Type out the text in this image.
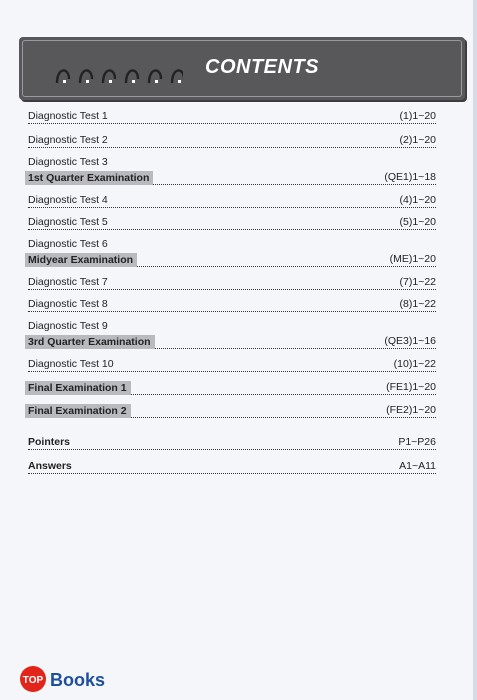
CONTENTS
Diagnostic Test 1	(1)1~20
Diagnostic Test 2	(2)1~20
Diagnostic Test 3
1st Quarter Examination	(QE1)1~18
Diagnostic Test 4	(4)1~20
Diagnostic Test 5	(5)1~20
Diagnostic Test 6
Midyear Examination	(ME)1~20
Diagnostic Test 7	(7)1~22
Diagnostic Test 8	(8)1~22
Diagnostic Test 9
3rd Quarter Examination	(QE3)1~16
Diagnostic Test 10	(10)1~22
Final Examination 1	(FE1)1~20
Final Examination 2	(FE2)1~20
Pointers	P1~P26
Answers	A1~A11
TOP Books
